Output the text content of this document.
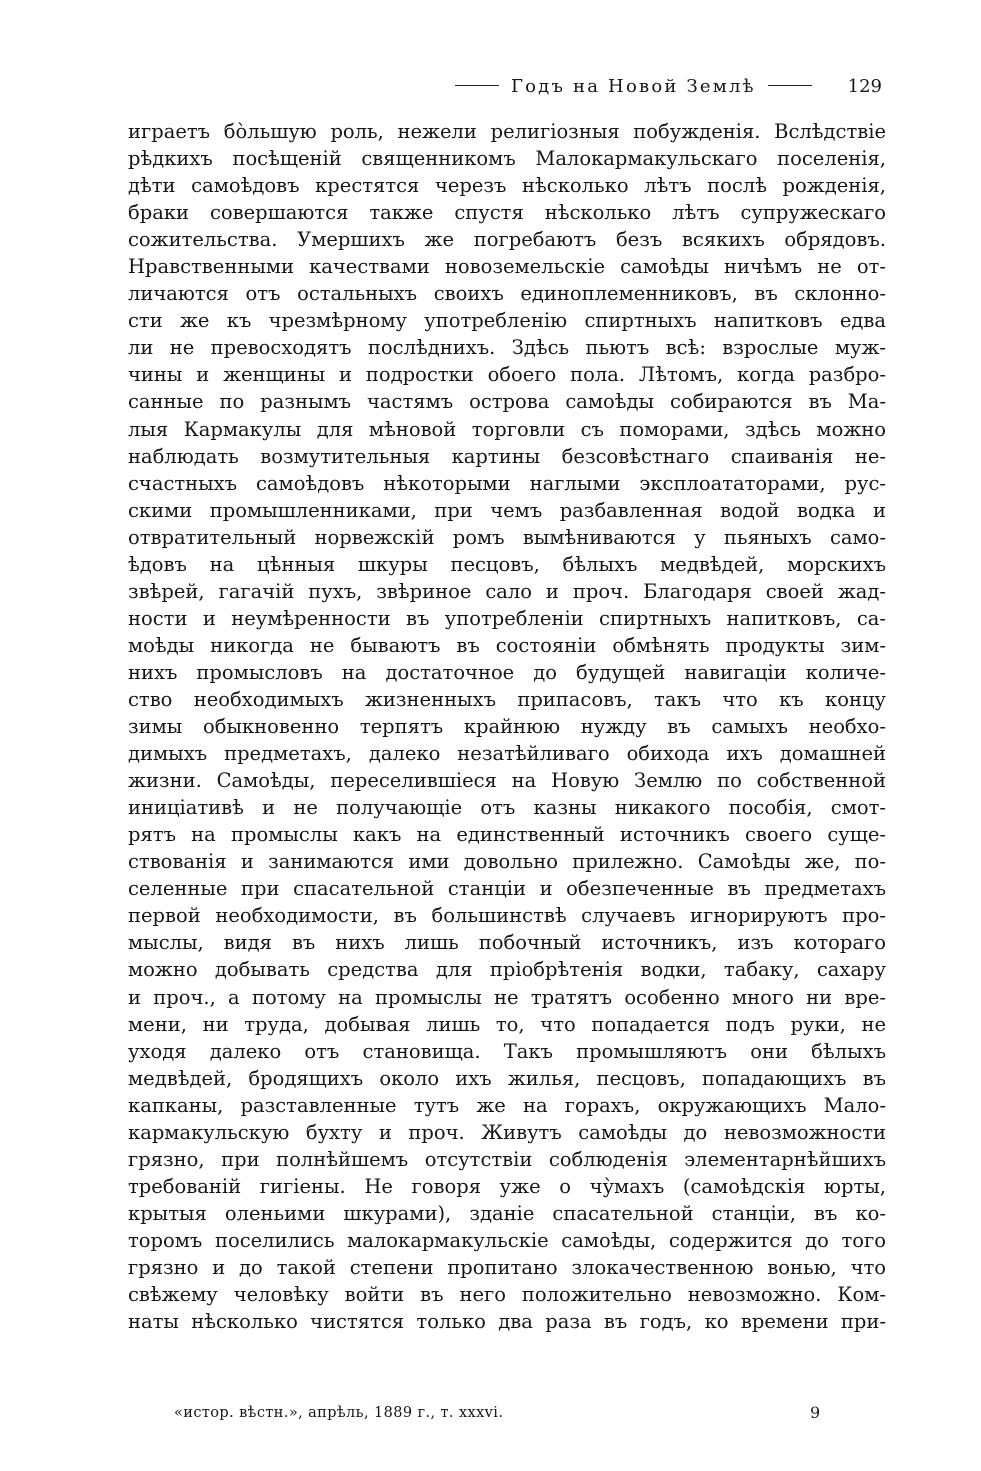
Годъ на Новой Землѣ	129
играетъ бо̀льшую роль, нежели религіозныя побужденія. Вслѣдствіе
рѣдкихъ посѣщеній священникомъ Малокармакульскаго поселенія,
дѣти самоѣдовъ крестятся черезъ нѣсколько лѣтъ послѣ рожденія,
браки совершаются также спустя нѣсколько лѣтъ супружескаго
сожительства. Умершихъ же погребаютъ безъ всякихъ обрядовъ.
Нравственными качествами новоземельскіе самоѣды ничѣмъ не от-
личаются отъ остальныхъ своихъ единоплеменниковъ, въ склонно-
сти же къ чрезмѣрному употребленію спиртныхъ напитковъ едва
ли не превосходятъ послѣднихъ. Здѣсь пьютъ всѣ: взрослые муж-
чины и женщины и подростки обоего пола. Лѣтомъ, когда разбро-
санные по разнымъ частямъ острова самоѣды собираются въ Ма-
лыя Кармакулы для мѣновой торговли съ поморами, здѣсь можно
наблюдать возмутительныя картины безсовѣстнаго спаиванія не-
счастныхъ самоѣдовъ нѣкоторыми наглыми эксплоататорами, рус-
скими промышленниками, при чемъ разбавленная водой водка и
отвратительный норвежскій ромъ вымѣниваются у пьяныхъ само-
ѣдовъ на цѣнныя шкуры песцовъ, бѣлыхъ медвѣдей, морскихъ
звѣрей, гагачій пухъ, звѣриное сало и проч. Благодаря своей жад-
ности и неумѣренности въ употребленіи спиртныхъ напитковъ, са-
моѣды никогда не бываютъ въ состояніи обмѣнять продукты зим-
нихъ промысловъ на достаточное до будущей навигаціи количе-
ство необходимыхъ жизненныхъ припасовъ, такъ что къ концу
зимы обыкновенно терпятъ крайнюю нужду въ самыхъ необхо-
димыхъ предметахъ, далеко незатѣйливаго обихода ихъ домашней
жизни. Самоѣды, переселившіеся на Новую Землю по собственной
иниціативѣ и не получающіе отъ казны никакого пособія, смот-
рятъ на промыслы какъ на единственный источникъ своего суще-
ствованія и занимаются ими довольно прилежно. Самоѣды же, по-
селенные при спасательной станціи и обезпеченные въ предметахъ
первой необходимости, въ большинствѣ случаевъ игнорируютъ про-
мыслы, видя въ нихъ лишь побочный источникъ, изъ котораго
можно добывать средства для пріобрѣтенія водки, табаку, сахару
и проч., а потому на промыслы не тратятъ особенно много ни вре-
мени, ни труда, добывая лишь то, что попадается подъ руки, не
уходя далеко отъ становища. Такъ промышляютъ они бѣлыхъ
медвѣдей, бродящихъ около ихъ жилья, песцовъ, попадающихъ въ
капканы, разставленные тутъ же на горахъ, окружающихъ Мало-
кармакульскую бухту и проч. Живутъ самоѣды до невозможности
грязно, при полнѣйшемъ отсутствіи соблюденія элементарнѣйшихъ
требованій гигіены. Не говоря уже о чу̀махъ (самоѣдскія юрты,
крытыя оленьими шкурами), зданіе спасательной станціи, въ ко-
торомъ поселились малокармакульскіе самоѣды, содержится до того
грязно и до такой степени пропитано злокачественною вонью, что
свѣжему человѣку войти въ него положительно невозможно. Ком-
наты нѣсколько чистятся только два раза въ годъ, ко времени при-
«истор. вѣстн.», апрѣль, 1889 г., т. xxxvi.	9
